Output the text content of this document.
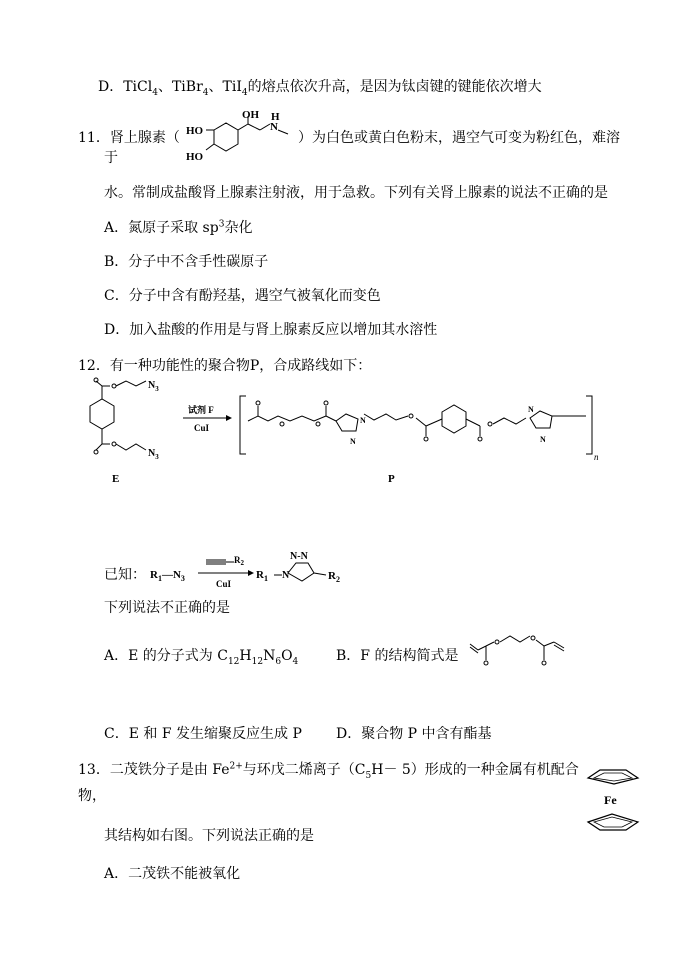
D．TiCl$_4$、TiBr$_4$、TiI$_4$的熔点依次升高，是因为钛卤键的键能依次增大
11．肾上腺素（
OH
N
H
HO
HO
）为白色或黄白色粉末，遇空气可变为粉红色，难溶
于
水。常制成盐酸肾上腺素注射液，用于急救。下列有关肾上腺素的说法不正确的是
A．氮原子采取 $sp^3$杂化
B．分子中不含手性碳原子
C．分子中含有酚羟基，遇空气被氧化而变色
D．加入盐酸的作用是与肾上腺素反应以增加其水溶性
12．有一种功能性的聚合物P，合成路线如下：
$N_3$
$N_3$
E
试剂 F
CuI
n
N
N
N
N
P
已知： $R_1—N_3$
$R_2$
CuI
$R_1$ N
N-N
$R_2$
下列说法不正确的是
A．E 的分子式为 $C_{12}H_{12}N_6O_4$	B．F 的结构简式是
C．E 和 F 发生缩聚反应生成 P D．聚合物 P 中含有酯基
13．二茂铁分子是由 $Fe^{2+}$与环戊二烯离子$(C_5H- 5)$形成的一种金属有机配合
物，	Fe
其结构如右图。下列说法正确的是
A．二茂铁不能被氧化
